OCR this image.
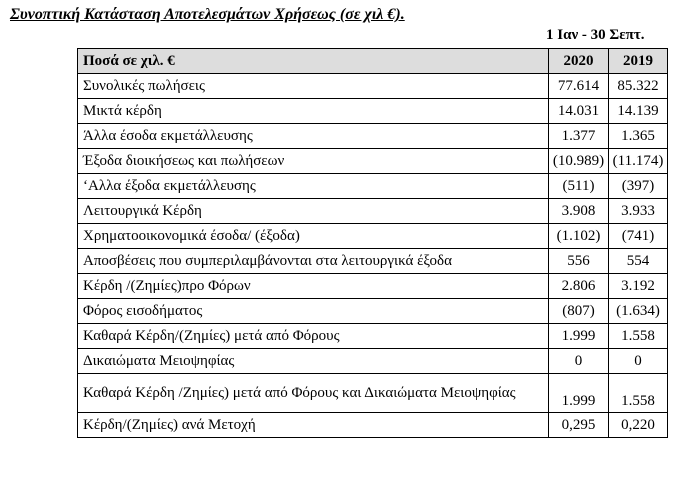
Συνοπτική Κατάσταση Αποτελεσμάτων Χρήσεως (σε χιλ €).
1 Ιαν - 30 Σεπτ.
Ποσά σε χιλ. €	2020	2019
Συνολικές πωλήσεις	77.614	85.322
Μικτά κέρδη	14.031	14.139
Άλλα έσοδα εκμετάλλευσης	1.377	1.365
Έξοδα διοικήσεως και πωλήσεων	(10.989)	(11.174)
‘Αλλα έξοδα εκμετάλλευσης	(511)	(397)
Λειτουργικά Κέρδη	3.908	3.933
Χρηματοοικονομικά έσοδα/ (έξοδα)	(1.102)	(741)
Αποσβέσεις που συμπεριλαμβάνονται στα λειτουργικά έξοδα	556	554
Κέρδη /(Ζημίες)προ Φόρων	2.806	3.192
Φόρος εισοδήματος	(807)	(1.634)
Καθαρά Κέρδη/(Ζημίες) μετά από Φόρους	1.999	1.558
Δικαιώματα Μειοψηφίας	0	0
Καθαρά Κέρδη /Ζημίες) μετά από Φόρους και Δικαιώματα Μειοψηφίας	1.999	1.558
Κέρδη/(Ζημίες) ανά Μετοχή	0,295	0,220
